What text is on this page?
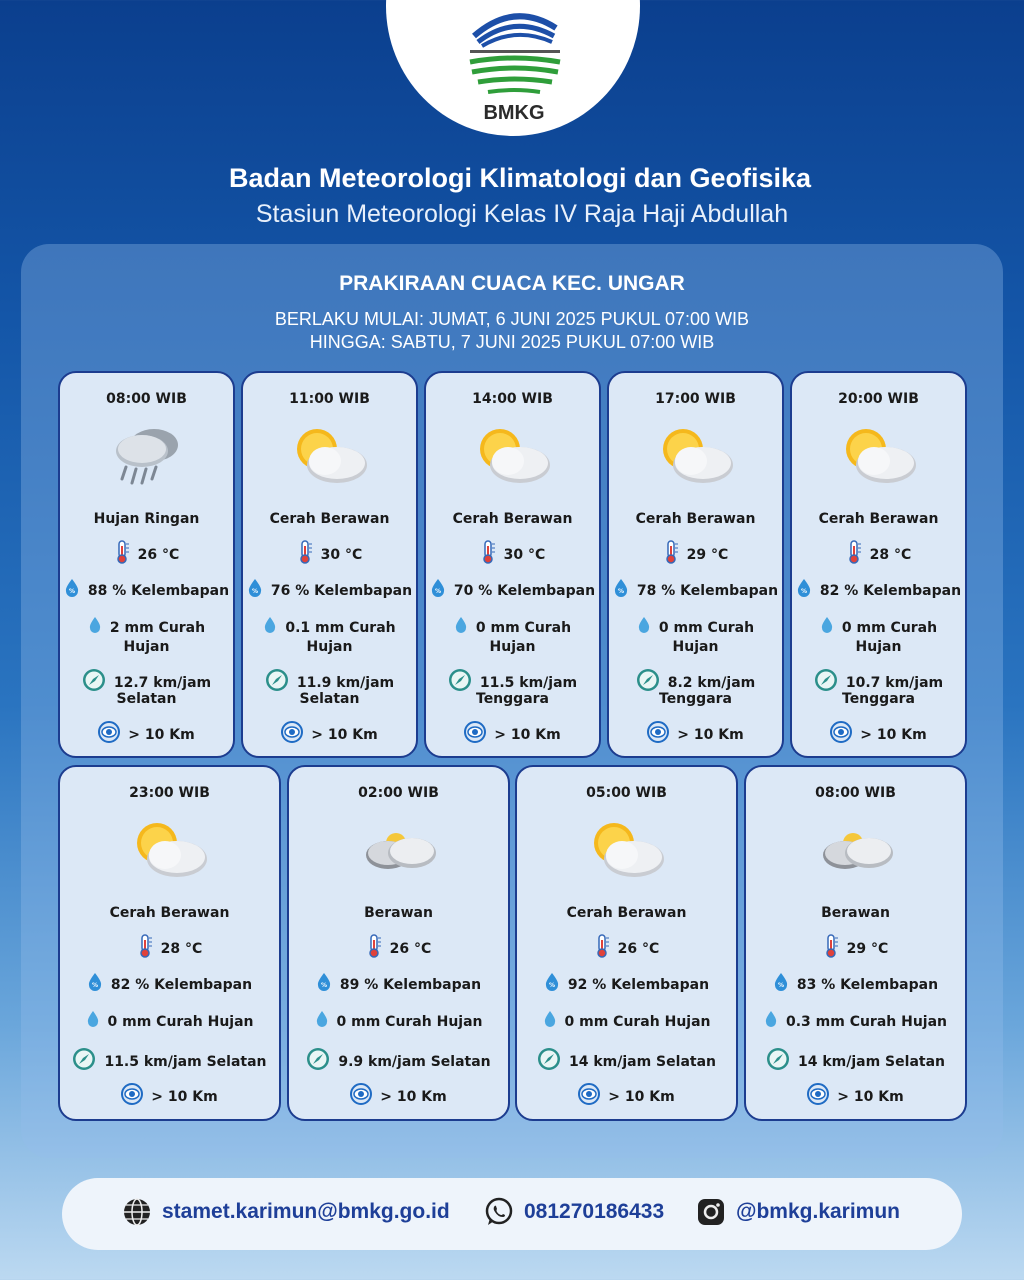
BMKG
Badan Meteorologi Klimatologi dan Geofisika
Stasiun Meteorologi Kelas IV Raja Haji Abdullah
PRAKIRAAN CUACA KEC. UNGAR
BERLAKU MULAI: JUMAT, 6 JUNI 2025 PUKUL 07:00 WIB
HINGGA: SABTU, 7 JUNI 2025 PUKUL 07:00 WIB
08:00 WIB
Hujan Ringan
26 °C
% 88 % Kelembapan
2 mm Curah
Hujan
12.7 km/jam
Selatan
> 10 Km
11:00 WIB
Cerah Berawan
30 °C
% 76 % Kelembapan
0.1 mm Curah
Hujan
11.9 km/jam
Selatan
> 10 Km
14:00 WIB
Cerah Berawan
30 °C
% 70 % Kelembapan
0 mm Curah
Hujan
11.5 km/jam
Tenggara
> 10 Km
17:00 WIB
Cerah Berawan
29 °C
% 78 % Kelembapan
0 mm Curah
Hujan
8.2 km/jam
Tenggara
> 10 Km
20:00 WIB
Cerah Berawan
28 °C
% 82 % Kelembapan
0 mm Curah
Hujan
10.7 km/jam
Tenggara
> 10 Km
23:00 WIB
Cerah Berawan
28 °C
% 82 % Kelembapan
0 mm Curah Hujan
11.5 km/jam Selatan
> 10 Km
02:00 WIB
Berawan
26 °C
% 89 % Kelembapan
0 mm Curah Hujan
9.9 km/jam Selatan
> 10 Km
05:00 WIB
Cerah Berawan
26 °C
% 92 % Kelembapan
0 mm Curah Hujan
14 km/jam Selatan
> 10 Km
08:00 WIB
Berawan
29 °C
% 83 % Kelembapan
0.3 mm Curah Hujan
14 km/jam Selatan
> 10 Km
stamet.karimun@bmkg.go.id	081270186433	@bmkg.karimun
